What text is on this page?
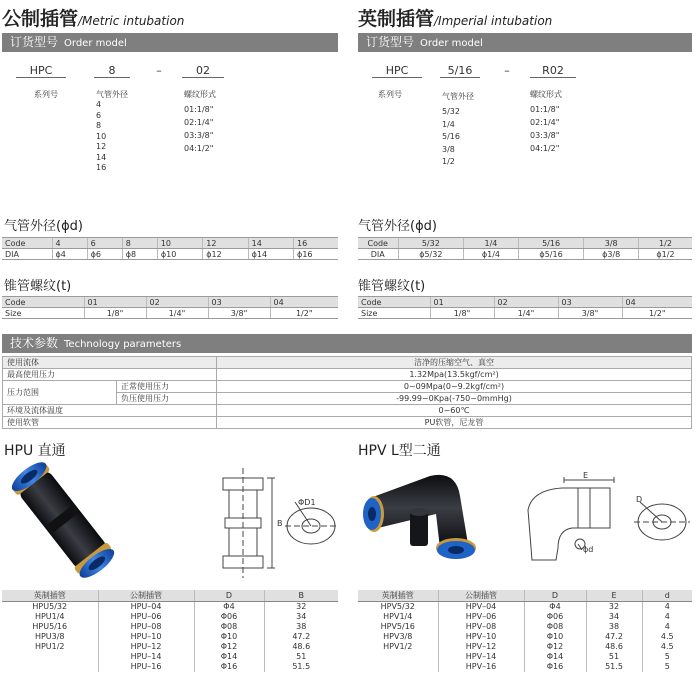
公制插管/Metric intubation	英制插管/Imperial intubation
订货型号 Order model	订货型号 Order model
HPC	8	–	02
系列号	气管外径
4
6
8
10
12
14
16
螺纹形式
01:1/8"
02:1/4"
03:3/8"
04:1/2"
HPC	5/16	–	R02
系列号	气管外径
5/32
1/4
5/16
3/8
1/2
螺纹形式
01:1/8"
02:1/4"
03:3/8"
04:1/2"
气管外径(ϕd)	气管外径(ϕd)
Code	4	6	8	10	12	14	16
DIA	ϕ4	ϕ6	ϕ8	ϕ10	ϕ12	ϕ14	ϕ16
Code	5/32	1/4	5/16	3/8	1/2
DIA	ϕ5/32	ϕ1/4	ϕ5/16	ϕ3/8	ϕ1/2
锥管螺纹(t)	锥管螺纹(t)
Code	01	02	03	04
Size	1/8"	1/4"	3/8"	1/2"
Code	01	02	03	04
Size	1/8"	1/4"	3/8"	1/2"
技术参数 Technology parameters
使用流体		洁净的压缩空气、真空
最高使用压力		1.32Mpa(13.5kgf/cm²)
压力范围	正常使用压力	0~09Mpa(0~9.2kgf/cm²)
	负压使用压力	-99.99~0Kpa(-750~0mmHg)
环境及流体温度		0~60℃
使用软管		PU软管，尼龙管
HPU 直通	HPV L型二通
B
ΦD1
E
D
ϕd
英制插管	公制插管	D	B
HPU5/32	HPU–04	Φ4	32
HPU1/4	HPU–06	Φ06	34
HPU5/16	HPU–08	Φ08	38
HPU3/8	HPU–10	Φ10	47.2
HPU1/2	HPU–12	Φ12	48.6
	HPU–14	Φ14	51
	HPU–16	Φ16	51.5
英制插管	公制插管	D	E	d
HPV5/32	HPV–04	Φ4	32	4
HPV1/4	HPV–06	Φ06	34	4
HPV5/16	HPV–08	Φ08	38	4
HPV3/8	HPV–10	Φ10	47.2	4.5
HPV1/2	HPV–12	Φ12	48.6	4.5
	HPV–14	Φ14	51	5
	HPV–16	Φ16	51.5	5
